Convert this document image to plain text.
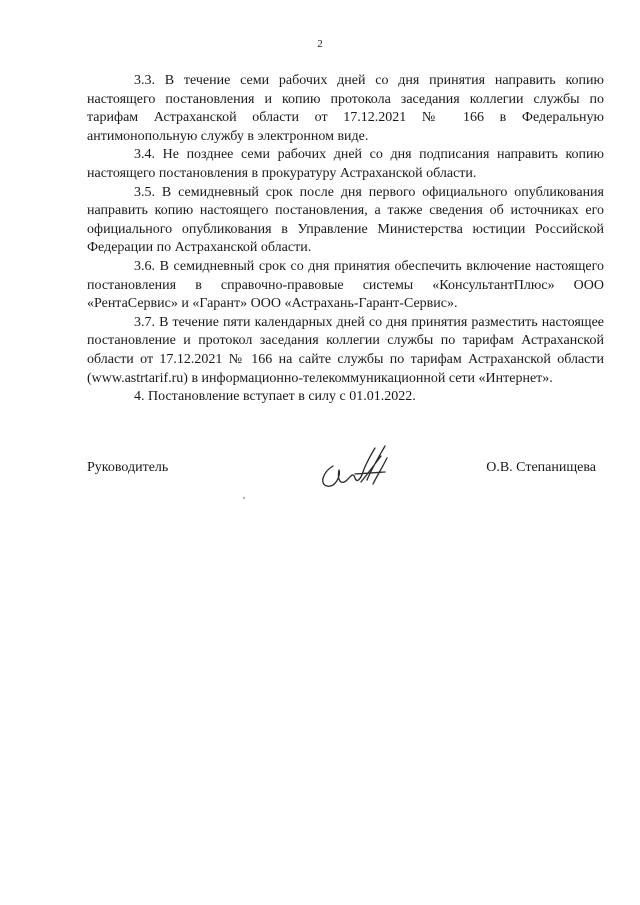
2

3.3. В течение семи рабочих дней со дня принятия направить копию настоящего постановления и копию протокола заседания коллегии службы по тарифам Астраханской области от 17.12.2021 № 166 в Федеральную антимонопольную службу в электронном виде.

3.4. Не позднее семи рабочих дней со дня подписания направить копию настоящего постановления в прокуратуру Астраханской области.

3.5. В семидневный срок после дня первого официального опубликования направить копию настоящего постановления, а также сведения об источниках его официального опубликования в Управление Министерства юстиции Российской Федерации по Астраханской области.

3.6. В семидневный срок со дня принятия обеспечить включение настоящего постановления в справочно-правовые системы «КонсультантПлюс» ООО «РентаСервис» и «Гарант» ООО «Астрахань-Гарант-Сервис».

3.7. В течение пяти календарных дней со дня принятия разместить настоящее постановление и протокол заседания коллегии службы по тарифам Астраханской области от 17.12.2021 № 166 на сайте службы по тарифам Астраханской области (www.astrtarif.ru) в информационно-телекоммуникационной сети «Интернет».

4. Постановление вступает в силу с 01.01.2022.

Руководитель	О.В. Степанищева
